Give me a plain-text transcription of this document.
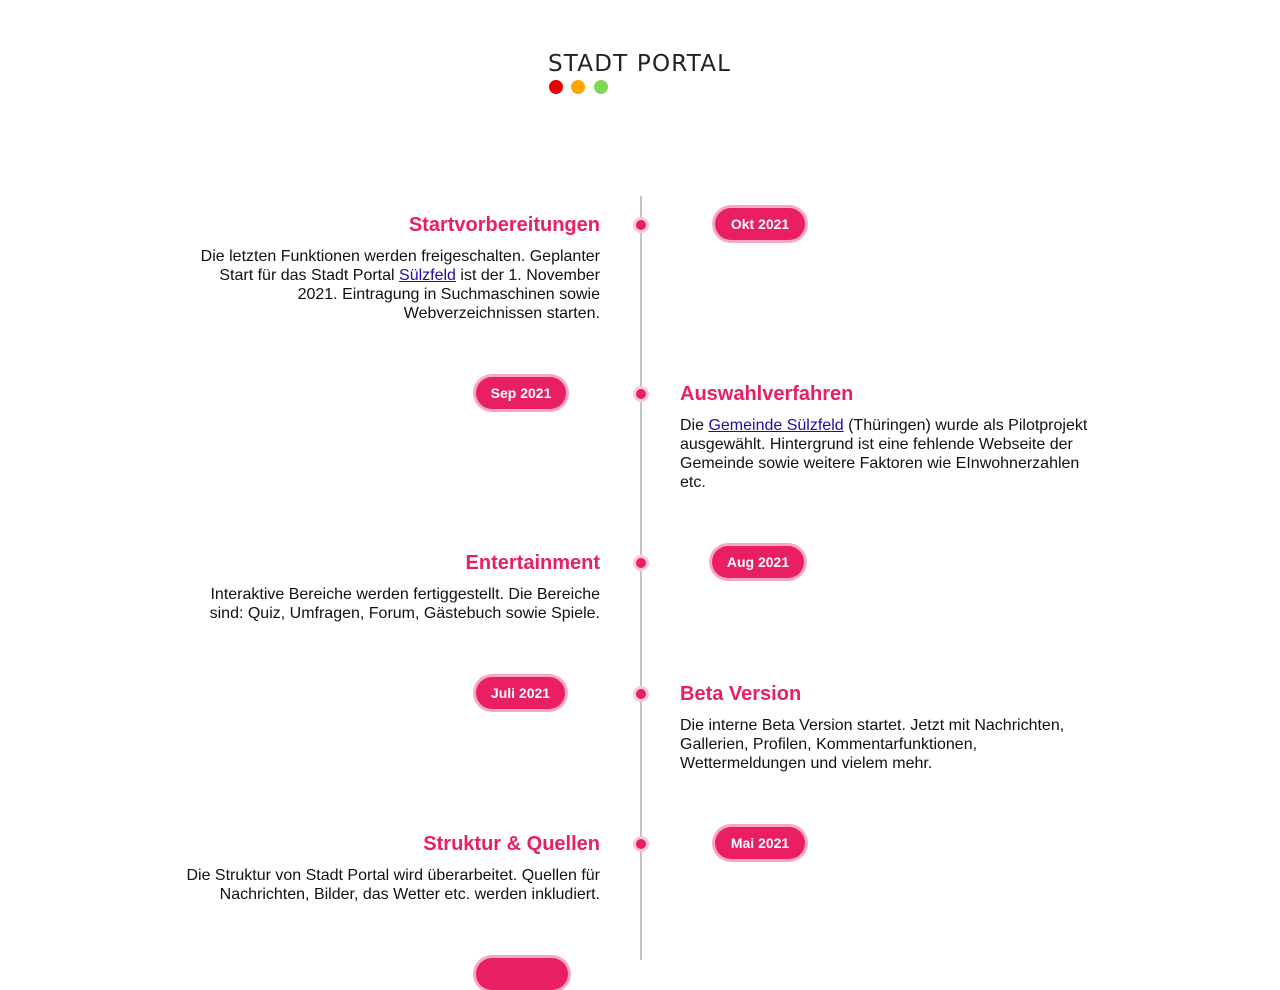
STADT PORTAL
Okt 2021
Startvorbereitungen
Die letzten Funktionen werden freigeschalten. Geplanter Start für das Stadt Portal Sülzfeld ist der 1. November 2021. Eintragung in Suchmaschinen sowie Webverzeichnissen starten.
Sep 2021	Auswahlverfahren
Die Gemeinde Sülzfeld (Thüringen) wurde als Pilotprojekt ausgewählt. Hintergrund ist eine fehlende Webseite der Gemeinde sowie weitere Faktoren wie EInwohnerzahlen etc.
Aug 2021
Entertainment
Interaktive Bereiche werden fertiggestellt. Die Bereiche sind: Quiz, Umfragen, Forum, Gästebuch sowie Spiele.
Juli 2021	Beta Version
Die interne Beta Version startet. Jetzt mit Nachrichten, Gallerien, Profilen, Kommentarfunktionen, Wettermeldungen und vielem mehr.
Mai 2021
Struktur & Quellen
Die Struktur von Stadt Portal wird überarbeitet. Quellen für Nachrichten, Bilder, das Wetter etc. werden inkludiert.
